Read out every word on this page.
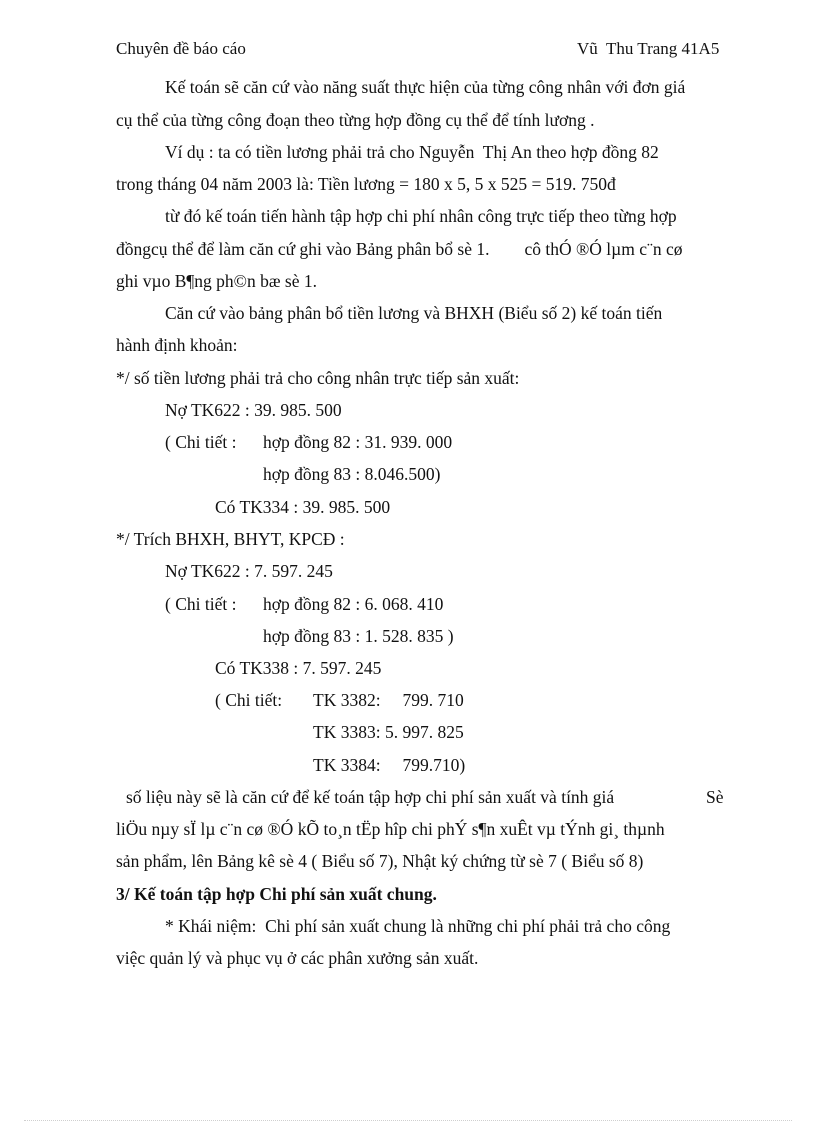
Chuyên đề báo cáo	Vũ  Thu Trang 41A5
Kế toán sẽ căn cứ vào năng suất thực hiện của từng công nhân với đơn giá
cụ thể của từng công đoạn theo từng hợp đồng cụ thể để tính lương .
Ví dụ : ta có tiền lương phải trả cho Nguyễn  Thị An theo hợp đồng 82
trong tháng 04 năm 2003 là: Tiền lương = 180 x 5, 5 x 525 = 519. 750đ
từ đó kế toán tiến hành tập hợp chi phí nhân công trực tiếp theo từng hợp
đồngcụ thể để làm căn cứ ghi vào Bảng phân bổ sè 1.        cô thÓ ®Ó lµm c¨n cø
ghi vµo B¶ng ph©n bæ sè 1.
Căn cứ vào bảng phân bổ tiền lương và BHXH (Biểu số 2) kế toán tiến
hành định khoản:
*/ số tiền lương phải trả cho công nhân trực tiếp sản xuất:
Nợ TK622 : 39. 985. 500
( Chi tiết : hợp đồng 82 : 31. 939. 000
hợp đồng 83 : 8.046.500)
Có TK334 : 39. 985. 500
*/ Trích BHXH, BHYT, KPCĐ :
Nợ TK622 : 7. 597. 245
( Chi tiết : hợp đồng 82 : 6. 068. 410
hợp đồng 83 : 1. 528. 835 )
Có TK338 : 7. 597. 245
( Chi tiết: TK 3382:     799. 710
TK 3383: 5. 997. 825
TK 3384:     799.710)
số liệu này sẽ là căn cứ để kế toán tập hợp chi phí sản xuất và tính giá	Sè
liÖu nµy sÏ lµ c¨n cø ®Ó kÕ to¸n tËp hîp chi phÝ s¶n xuÊt vµ tÝnh gi¸ thµnh
sản phẩm, lên Bảng kê sè 4 ( Biểu số 7), Nhật ký chứng từ sè 7 ( Biểu số 8)
3/ Kế toán tập hợp Chi phí sản xuất chung.
* Khái niệm:  Chi phí sản xuất chung là những chi phí phải trả cho công
việc quản lý và phục vụ ở các phân xưởng sản xuất.
